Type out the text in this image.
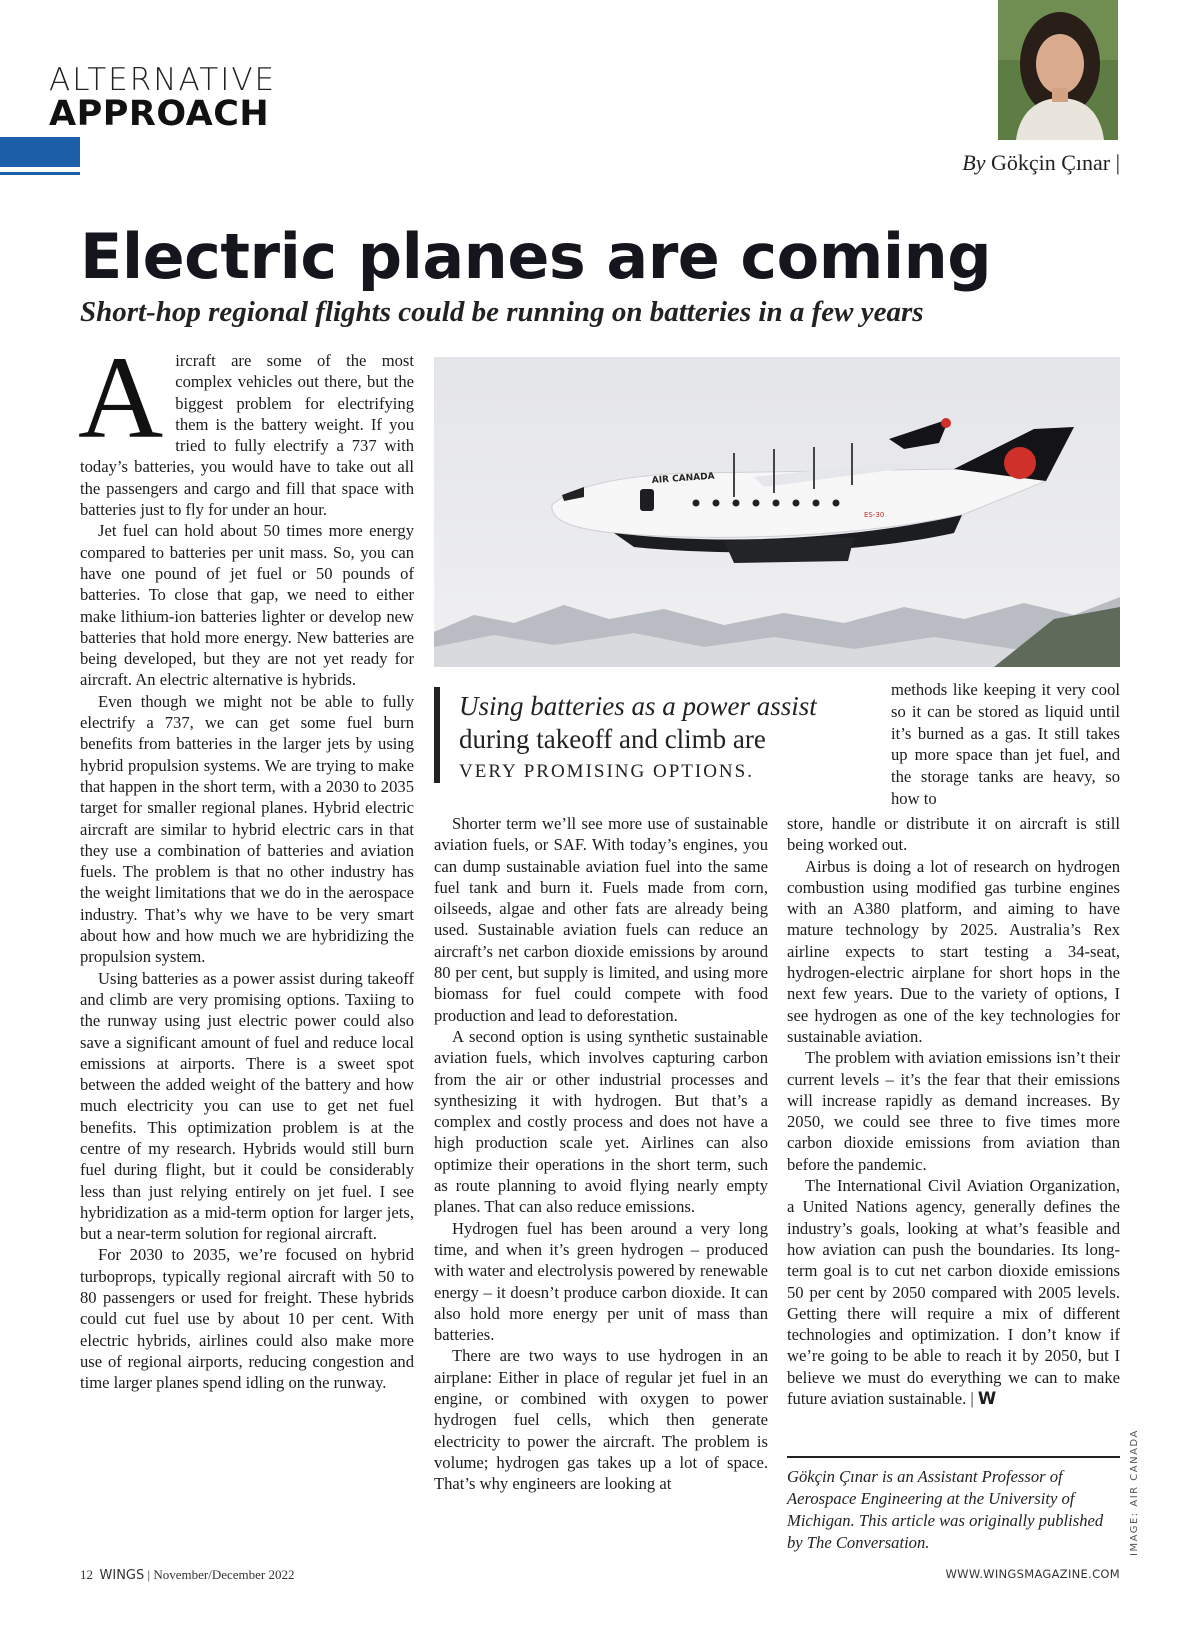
ALTERNATIVE
APPROACH
By Gökçin Çınar |
Electric planes are coming
Short-hop regional flights could be running on batteries in a few years

Aircraft are some of the most complex vehicles out there, but the biggest problem for electrifying them is the battery weight. If you tried to fully electrify a 737 with today’s batteries, you would have to take out all the passengers and cargo and fill that space with batteries just to fly for under an hour.

Jet fuel can hold about 50 times more energy compared to batteries per unit mass. So, you can have one pound of jet fuel or 50 pounds of batteries. To close that gap, we need to either make lithium-ion batteries lighter or develop new batteries that hold more energy. New batteries are being developed, but they are not yet ready for aircraft. An electric alternative is hybrids.

Even though we might not be able to fully electrify a 737, we can get some fuel burn benefits from batteries in the larger jets by using hybrid propulsion systems. We are trying to make that happen in the short term, with a 2030 to 2035 target for smaller regional planes. Hybrid electric aircraft are similar to hybrid electric cars in that they use a combination of batteries and aviation fuels. The problem is that no other industry has the weight limitations that we do in the aerospace industry. That’s why we have to be very smart about how and how much we are hybridizing the propulsion system.

Using batteries as a power assist during takeoff and climb are very promising options. Taxiing to the runway using just electric power could also save a significant amount of fuel and reduce local emissions at airports. There is a sweet spot between the added weight of the battery and how much electricity you can use to get net fuel benefits. This optimization problem is at the centre of my research. Hybrids would still burn fuel during flight, but it could be considerably less than just relying entirely on jet fuel. I see hybridization as a mid-term option for larger jets, but a near-term solution for regional aircraft.

For 2030 to 2035, we’re focused on hybrid turboprops, typically regional aircraft with 50 to 80 passengers or used for freight. These hybrids could cut fuel use by about 10 per cent. With electric hybrids, airlines could also make more use of regional airports, reducing congestion and time larger planes spend idling on the runway.

AIR CANADA
ES-30
Using batteries as a power assist
during takeoff and climb are
VERY PROMISING OPTIONS.
methods like keeping it very cool so it can be stored as liquid until it’s burned as a gas. It still takes up more space than jet fuel, and the storage tanks are heavy, so how to

Shorter term we’ll see more use of sustainable aviation fuels, or SAF. With today’s engines, you can dump sustainable aviation fuel into the same fuel tank and burn it. Fuels made from corn, oilseeds, algae and other fats are already being used. Sustainable aviation fuels can reduce an aircraft’s net carbon dioxide emissions by around 80 per cent, but supply is limited, and using more biomass for fuel could compete with food production and lead to deforestation.

A second option is using synthetic sustainable aviation fuels, which involves capturing carbon from the air or other industrial processes and synthesizing it with hydrogen. But that’s a complex and costly process and does not have a high production scale yet. Airlines can also optimize their operations in the short term, such as route planning to avoid flying nearly empty planes. That can also reduce emissions.

Hydrogen fuel has been around a very long time, and when it’s green hydrogen – produced with water and electrolysis powered by renewable energy – it doesn’t produce carbon dioxide. It can also hold more energy per unit of mass than batteries.

There are two ways to use hydrogen in an airplane: Either in place of regular jet fuel in an engine, or combined with oxygen to power hydrogen fuel cells, which then generate electricity to power the aircraft. The problem is volume; hydrogen gas takes up a lot of space. That’s why engineers are looking at

store, handle or distribute it on aircraft is still being worked out.

Airbus is doing a lot of research on hydrogen combustion using modified gas turbine engines with an A380 platform, and aiming to have mature technology by 2025. Australia’s Rex airline expects to start testing a 34-seat, hydrogen-electric airplane for short hops in the next few years. Due to the variety of options, I see hydrogen as one of the key technologies for sustainable aviation.

The problem with aviation emissions isn’t their current levels – it’s the fear that their emissions will increase rapidly as demand increases. By 2050, we could see three to five times more carbon dioxide emissions from aviation than before the pandemic.

The International Civil Aviation Organization, a United Nations agency, generally defines the industry’s goals, looking at what’s feasible and how aviation can push the boundaries. Its long-term goal is to cut net carbon dioxide emissions 50 per cent by 2050 compared with 2005 levels. Getting there will require a mix of different technologies and optimization. I don’t know if we’re going to be able to reach it by 2050, but I believe we must do everything we can to make future aviation sustainable. | W

Gökçin Çınar is an Assistant Professor of Aerospace Engineering at the University of Michigan. This article was originally published by The Conversation.	IMAGE: AIR CANADA
12 WINGS | November/December 2022	WWW.WINGSMAGAZINE.COM
